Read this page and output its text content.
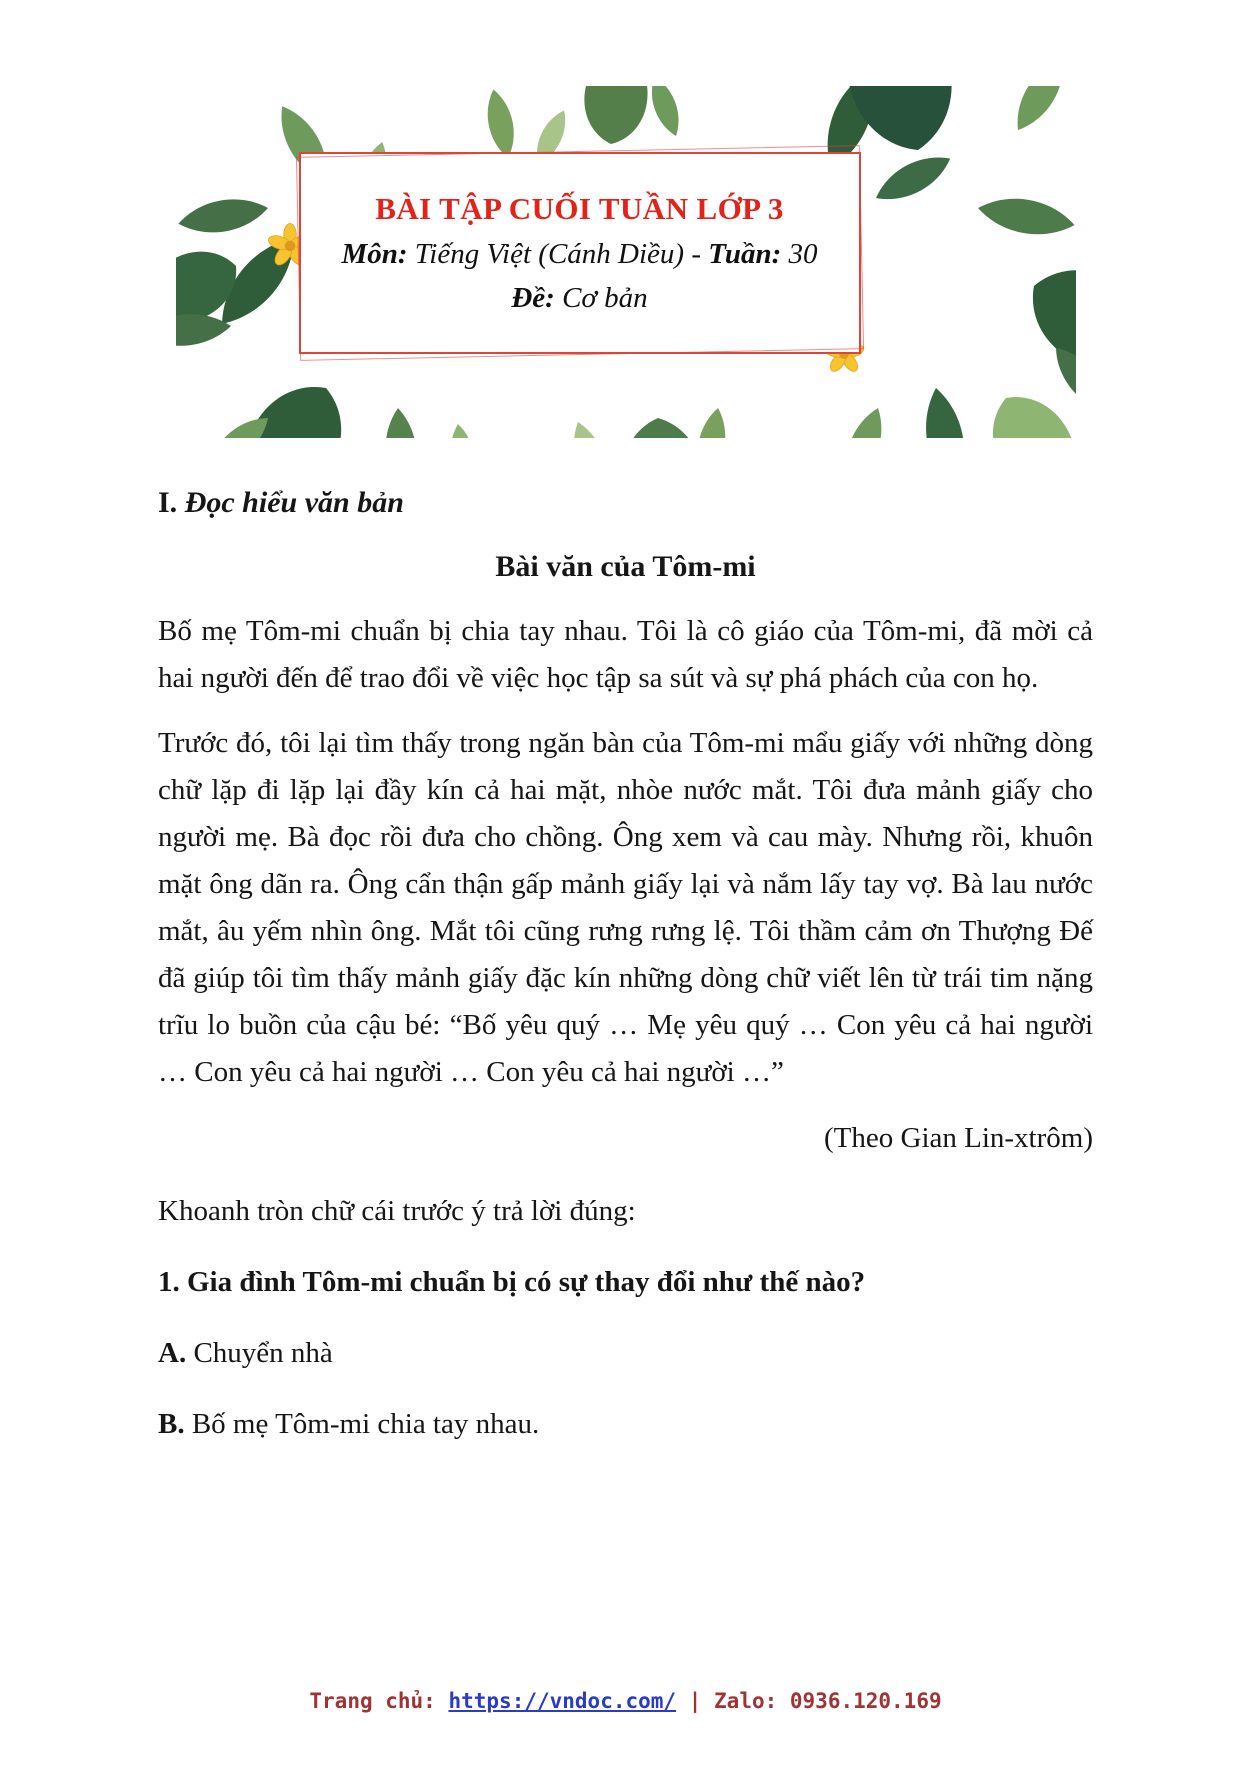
BÀI TẬP CUỐI TUẦN LỚP 3
Môn: Tiếng Việt (Cánh Diều) - Tuần: 30
Đề: Cơ bản
I. Đọc hiểu văn bản
Bài văn của Tôm-mi

Bố mẹ Tôm-mi chuẩn bị chia tay nhau. Tôi là cô giáo của Tôm-mi, đã mời cả hai người đến để trao đổi về việc học tập sa sút và sự phá phách của con họ.

Trước đó, tôi lại tìm thấy trong ngăn bàn của Tôm-mi mẩu giấy với những dòng chữ lặp đi lặp lại đầy kín cả hai mặt, nhòe nước mắt. Tôi đưa mảnh giấy cho người mẹ. Bà đọc rồi đưa cho chồng. Ông xem và cau mày. Nhưng rồi, khuôn mặt ông dãn ra. Ông cẩn thận gấp mảnh giấy lại và nắm lấy tay vợ. Bà lau nước mắt, âu yếm nhìn ông. Mắt tôi cũng rưng rưng lệ. Tôi thầm cảm ơn Thượng Đế đã giúp tôi tìm thấy mảnh giấy đặc kín những dòng chữ viết lên từ trái tim nặng trĩu lo buồn của cậu bé: “Bố yêu quý … Mẹ yêu quý … Con yêu cả hai người … Con yêu cả hai người … Con yêu cả hai người …”

(Theo Gian Lin-xtrôm)

Khoanh tròn chữ cái trước ý trả lời đúng:

1. Gia đình Tôm-mi chuẩn bị có sự thay đổi như thế nào?

A. Chuyển nhà

B. Bố mẹ Tôm-mi chia tay nhau.

Trang chủ: https://vndoc.com/ | Zalo: 0936.120.169
